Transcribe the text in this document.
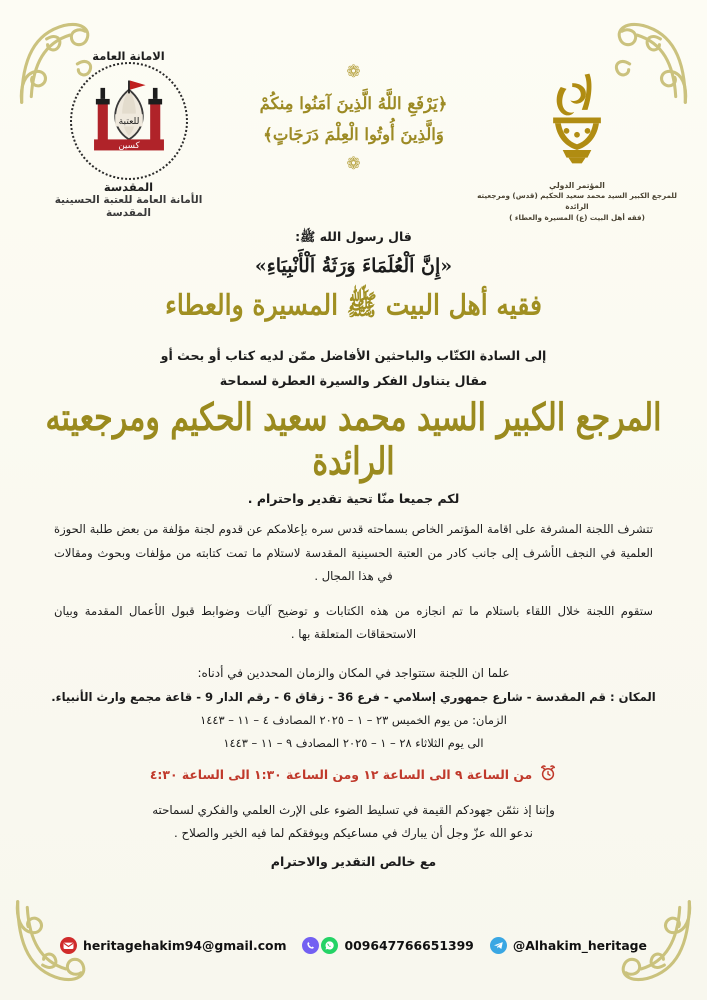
الامانة العامة
المقدسة
كسين
للعتبة
الأمانة العامة للعتبة الحسينية المقدسة
❁
﴿يَرْفَعِ اللَّهُ الَّذِينَ آمَنُوا مِنكُمْ
وَالَّذِينَ أُوتُوا الْعِلْمَ دَرَجَاتٍ﴾
❁
المؤتمر الدولي
للمرجع الكبير السيد محمد سعيد الحكيم (قدس) ومرجعيته الرائدة
(فقه أهل البيت (ع) المسيرة والعطاء )
قال رسول الله ﷺ:
«إِنَّ اَلْعُلَمَاءَ وَرَثَةُ اَلْأَنْبِيَاءِ»
فقيه أهل البيت ﷺ المسيرة والعطاء
إلى السادة الكتّاب والباحثين الأفاضل ممّن لديه كتاب أو بحث أو
مقال يتناول الفكر والسيرة العطرة لسماحة
المرجع الكبير السيد محمد سعيد الحكيم ومرجعيته الرائدة
لكم جميعا منّا تحية تقدير واحترام .
تتشرف اللجنة المشرفة على اقامة المؤتمر الخاص بسماحته قدس سره بإعلامكم عن قدوم لجنة مؤلفة من بعض طلبة الحوزة العلمية في النجف الأشرف إلى جانب كادر من العتبة الحسينية المقدسة لاستلام ما تمت كتابته من مؤلفات وبحوث ومقالات في هذا المجال .
ستقوم اللجنة خلال اللقاء باستلام ما تم انجازه من هذه الكتابات و توضيح آليات وضوابط قبول الأعمال المقدمة وبيان الاستحقاقات المتعلقة بها .
علما ان اللجنة ستتواجد في المكان والزمان المحددين في أدناه:
المكان : قم المقدسة - شارع جمهوري إسلامي - فرع 36 - زقاق 6 - رقم الدار 9 - قاعة مجمع وارث الأنبياء.
الزمان: من يوم الخميس ٢٣ – ١ – ٢٠٢٥ المصادف ٤ – ١١ – ١٤٤٣
الى يوم الثلاثاء ٢٨ – ١ – ٢٠٢٥ المصادف ٩ – ١١ – ١٤٤٣
من الساعة ٩ الى الساعة ١٢ ومن الساعة ١:٣٠ الى الساعة ٤:٣٠
وإننا إذ نثمّن جهودكم القيمة في تسليط الضوء على الإرث العلمي والفكري لسماحته
ندعو الله عزّ وجل أن يبارك في مساعيكم ويوفقكم لما فيه الخير والصلاح .
مع خالص التقدير والاحترام
heritagehakim94@gmail.com	009647766651399	@Alhakim_heritage
